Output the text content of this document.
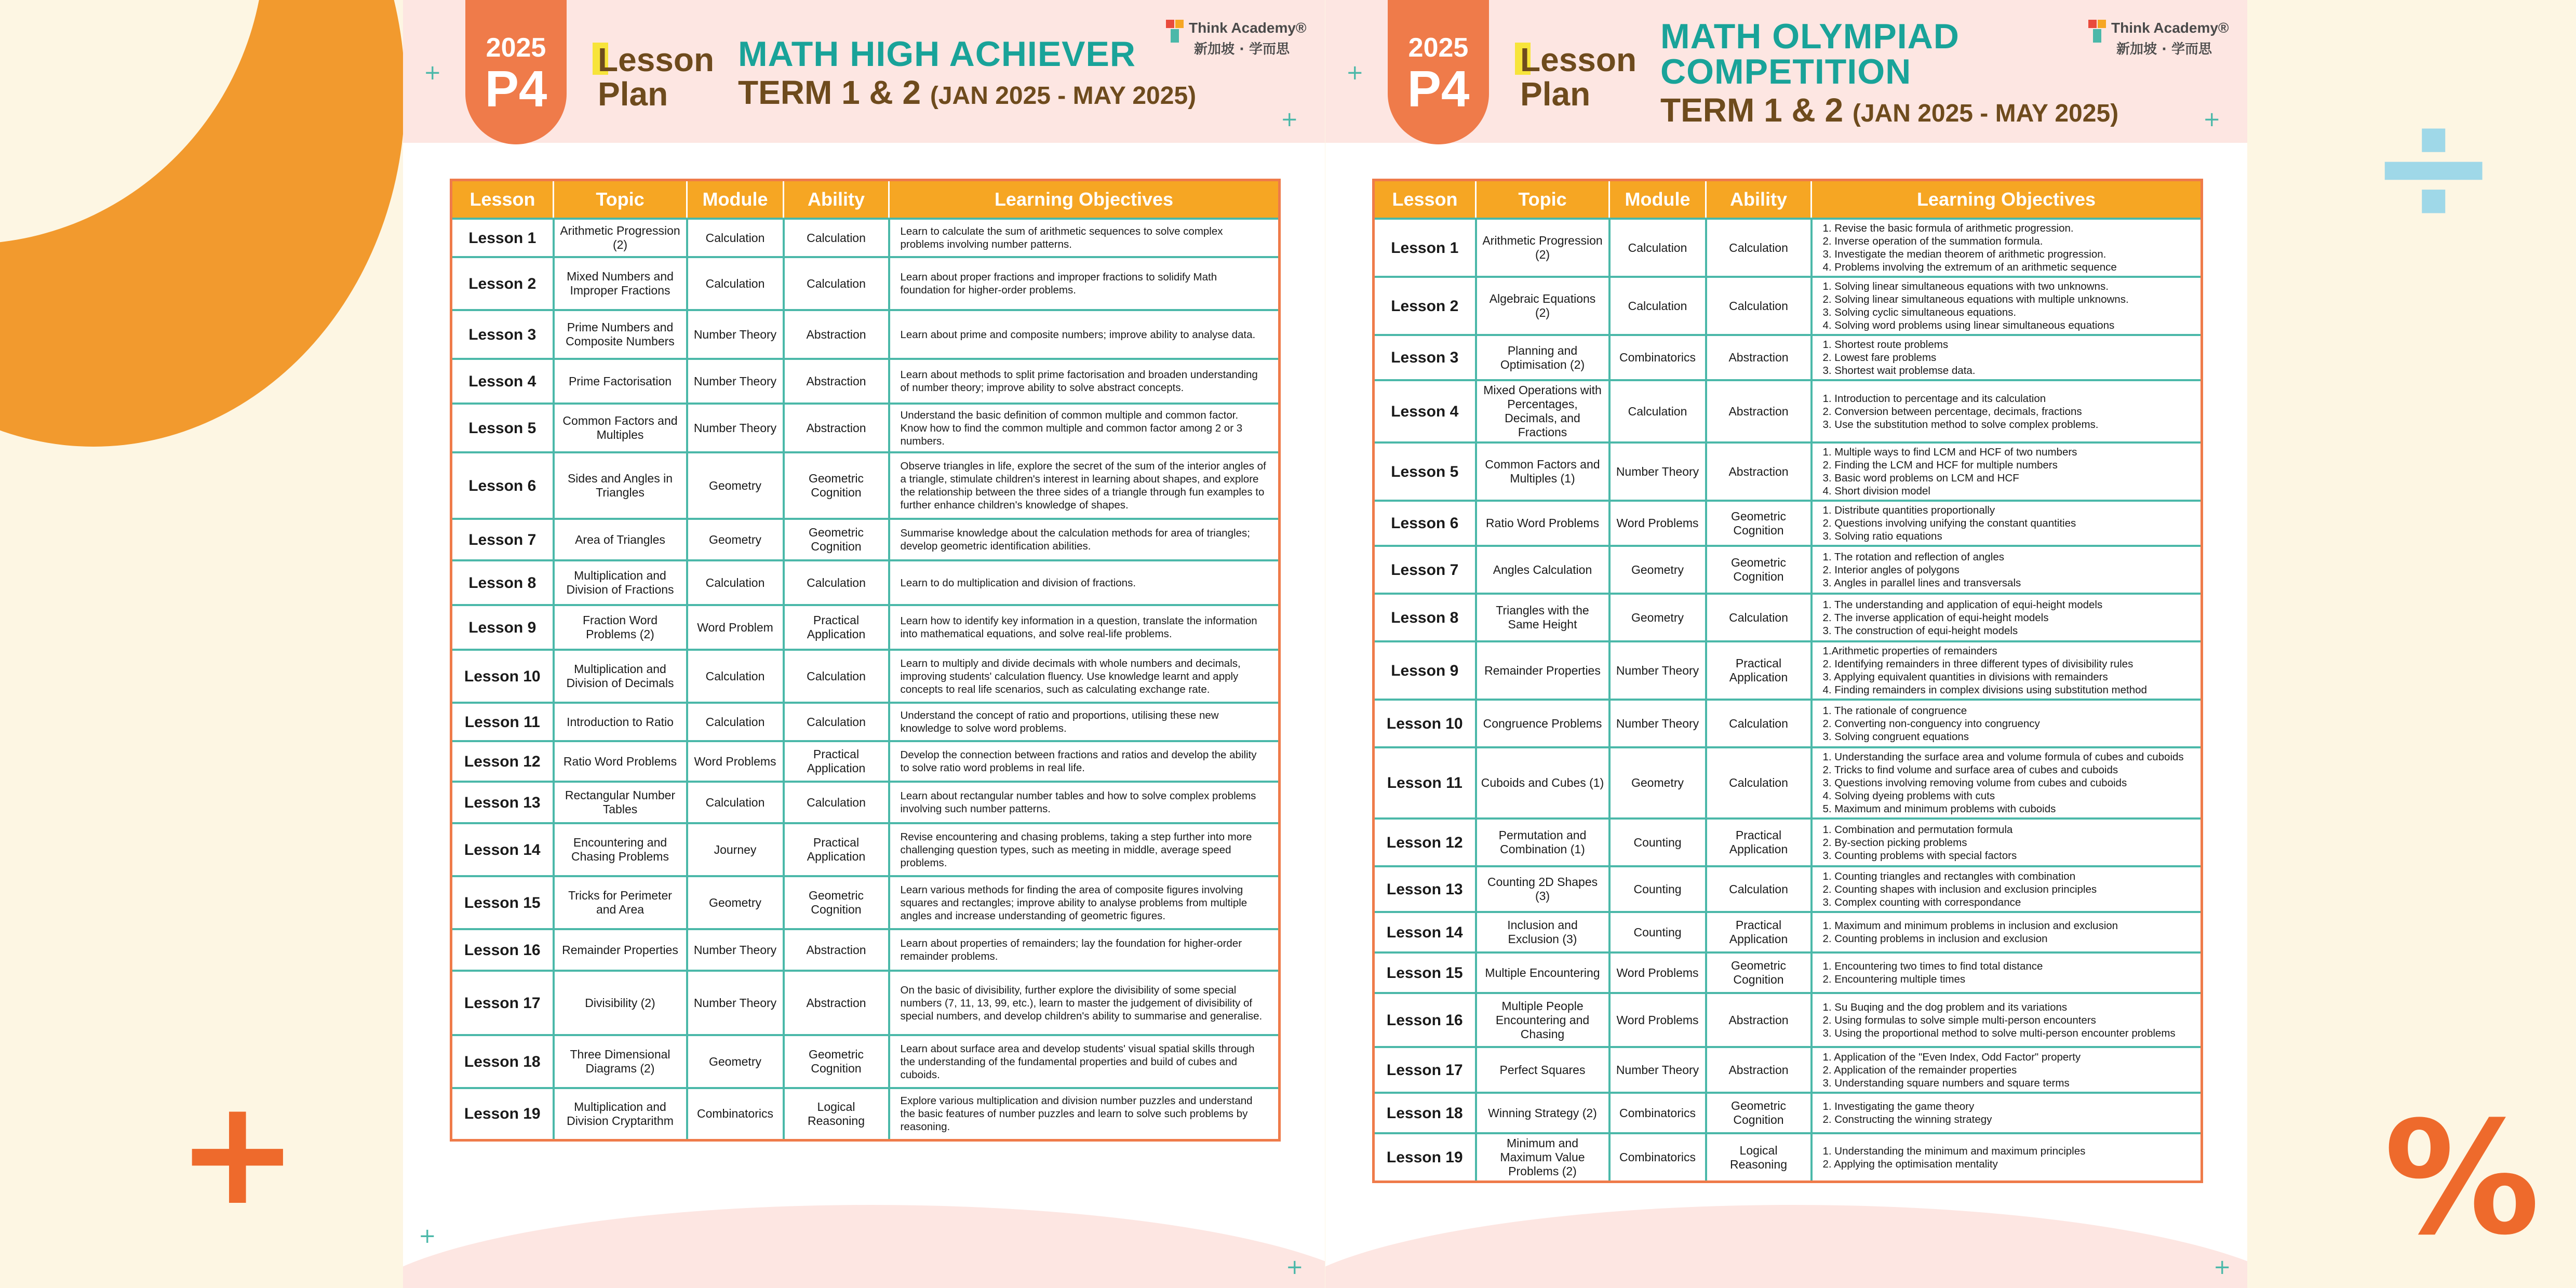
+
÷
%
+
+
+
+
2025
P4
Lesson
Plan
MATH HIGH ACHIEVER
TERM 1 & 2 (JAN 2025 - MAY 2025)
Think Academy®
新加坡 · 学而思
Lesson	Topic	Module	Ability	Learning Objectives
Lesson 1	Arithmetic Progression (2)	Calculation	Calculation	Learn to calculate the sum of arithmetic sequences to solve complex problems involving number patterns.

Lesson 2	Mixed Numbers and Improper Fractions	Calculation	Calculation	Learn about proper fractions and improper fractions to solidify Math foundation for higher-order problems.

Lesson 3	Prime Numbers and Composite Numbers	Number Theory	Abstraction	Learn about prime and composite numbers; improve ability to analyse data.

Lesson 4	Prime Factorisation	Number Theory	Abstraction	Learn about methods to split prime factorisation and broaden understanding of number theory; improve ability to solve abstract concepts.

Lesson 5	Common Factors and Multiples	Number Theory	Abstraction	Understand the basic definition of common multiple and common factor. Know how to find the common multiple and common factor among 2 or 3 numbers.

Lesson 6	Sides and Angles in Triangles	Geometry	Geometric Cognition	Observe triangles in life, explore the secret of the sum of the interior angles of a triangle, stimulate children's interest in learning about shapes, and explore the relationship between the three sides of a triangle through fun examples to further enhance children's knowledge of shapes.

Lesson 7	Area of Triangles	Geometry	Geometric Cognition	Summarise knowledge about the calculation methods for area of triangles; develop geometric identification abilities.

Lesson 8	Multiplication and Division of Fractions	Calculation	Calculation	Learn to do multiplication and division of fractions.

Lesson 9	Fraction Word Problems (2)	Word Problem	Practical Application	Learn how to identify key information in a question, translate the information into mathematical equations, and solve real-life problems.

Lesson 10	Multiplication and Division of Decimals	Calculation	Calculation	Learn to multiply and divide decimals with whole numbers and decimals, improving students' calculation fluency. Use knowledge learnt and apply concepts to real life scenarios, such as calculating exchange rate.

Lesson 11	Introduction to Ratio	Calculation	Calculation	Understand the concept of ratio and proportions, utilising these new knowledge to solve word problems.

Lesson 12	Ratio Word Problems	Word Problems	Practical Application	Develop the connection between fractions and ratios and develop the ability to solve ratio word problems in real life.

Lesson 13	Rectangular Number Tables	Calculation	Calculation	Learn about rectangular number tables and how to solve complex problems involving such number patterns.

Lesson 14	Encountering and Chasing Problems	Journey	Practical Application	Revise encountering and chasing problems, taking a step further into more challenging question types, such as meeting in middle, average speed problems.

Lesson 15	Tricks for Perimeter and Area	Geometry	Geometric Cognition	Learn various methods for finding the area of composite figures involving squares and rectangles; improve ability to analyse problems from multiple angles and increase understanding of geometric figures.

Lesson 16	Remainder Properties	Number Theory	Abstraction	Learn about properties of remainders; lay the foundation for higher-order remainder problems.

Lesson 17	Divisibility (2)	Number Theory	Abstraction	On the basic of divisibility, further explore the divisibility of some special numbers (7, 11, 13, 99, etc.), learn to master the judgement of divisibility of special numbers, and develop children's ability to summarise and generalise.

Lesson 18	Three Dimensional Diagrams (2)	Geometry	Geometric Cognition	Learn about surface area and develop students' visual spatial skills through the understanding of the fundamental properties and build of cubes and cuboids.

Lesson 19	Multiplication and Division Cryptarithm	Combinatorics	Logical Reasoning	Explore various multiplication and division number puzzles and understand the basic features of number puzzles and learn to solve such problems by reasoning.
+
+
+
2025
P4
Lesson
Plan
MATH OLYMPIAD
COMPETITION
TERM 1 & 2 (JAN 2025 - MAY 2025)
Think Academy®
新加坡 · 学而思
Lesson	Topic	Module	Ability	Learning Objectives
Lesson 1	Arithmetic Progression (2)	Calculation	Calculation	1. Revise the basic formula of arithmetic progression.
2. Inverse operation of the summation formula.
3. Investigate the median theorem of arithmetic progression.
4. Problems involving the extremum of an arithmetic sequence

Lesson 2	Algebraic Equations (2)	Calculation	Calculation	1. Solving linear simultaneous equations with two unknowns.
2. Solving linear simultaneous equations with multiple unknowns.
3. Solving cyclic simultaneous equations.
4. Solving word problems using linear simultaneous equations

Lesson 3	Planning and Optimisation (2)	Combinatorics	Abstraction	1. Shortest route problems
2. Lowest fare problems
3. Shortest wait problemse data.

Lesson 4	Mixed Operations with Percentages, Decimals, and Fractions	Calculation	Abstraction	1. Introduction to percentage and its calculation
2. Conversion between percentage, decimals, fractions
3. Use the substitution method to solve complex problems.

Lesson 5	Common Factors and Multiples (1)	Number Theory	Abstraction	1. Multiple ways to find LCM and HCF of two numbers
2. Finding the LCM and HCF for multiple numbers
3. Basic word problems on LCM and HCF
4. Short division model

Lesson 6	Ratio Word Problems	Word Problems	Geometric Cognition	1. Distribute quantities proportionally
2. Questions involving unifying the constant quantities
3. Solving ratio equations

Lesson 7	Angles Calculation	Geometry	Geometric Cognition	1. The rotation and reflection of angles
2. Interior angles of polygons
3. Angles in parallel lines and transversals

Lesson 8	Triangles with the Same Height	Geometry	Calculation	1. The understanding and application of equi-height models
2. The inverse application of equi-height models
3. The construction of equi-height models

Lesson 9	Remainder Properties	Number Theory	Practical Application	1.Arithmetic properties of remainders
2. Identifying remainders in three different types of divisibility rules
3. Applying equivalent quantities in divisions with remainders
4. Finding remainders in complex divisions using substitution method

Lesson 10	Congruence Problems	Number Theory	Calculation	1. The rationale of congruence
2. Converting non-conguency into congruency
3. Solving congruent equations

Lesson 11	Cuboids and Cubes (1)	Geometry	Calculation	1. Understanding the surface area and volume formula of cubes and cuboids
2. Tricks to find volume and surface area of cubes and cuboids
3. Questions involving removing volume from cubes and cuboids
4. Solving dyeing problems with cuts
5. Maximum and minimum problems with cuboids

Lesson 12	Permutation and Combination (1)	Counting	Practical Application	1. Combination and permutation formula
2. By-section picking problems
3. Counting problems with special factors

Lesson 13	Counting 2D Shapes (3)	Counting	Calculation	1. Counting triangles and rectangles with combination
2. Counting shapes with inclusion and exclusion principles
3. Complex counting with correspondance

Lesson 14	Inclusion and Exclusion (3)	Counting	Practical Application	1. Maximum and minimum problems in inclusion and exclusion
2. Counting problems in inclusion and exclusion

Lesson 15	Multiple Encountering	Word Problems	Geometric Cognition	1. Encountering two times to find total distance
2. Encountering multiple times

Lesson 16	Multiple People Encountering and Chasing	Word Problems	Abstraction	1. Su Buqing and the dog problem and its variations
2. Using formulas to solve simple multi-person encounters
3. Using the proportional method to solve multi-person encounter problems

Lesson 17	Perfect Squares	Number Theory	Abstraction	1. Application of the "Even Index, Odd Factor" property
2. Application of the remainder properties
3. Understanding square numbers and square terms

Lesson 18	Winning Strategy (2)	Combinatorics	Geometric Cognition	1. Investigating the game theory
2. Constructing the winning strategy

Lesson 19	Minimum and Maximum Value Problems (2)	Combinatorics	Logical Reasoning	1. Understanding the minimum and maximum principles
2. Applying the optimisation mentality
